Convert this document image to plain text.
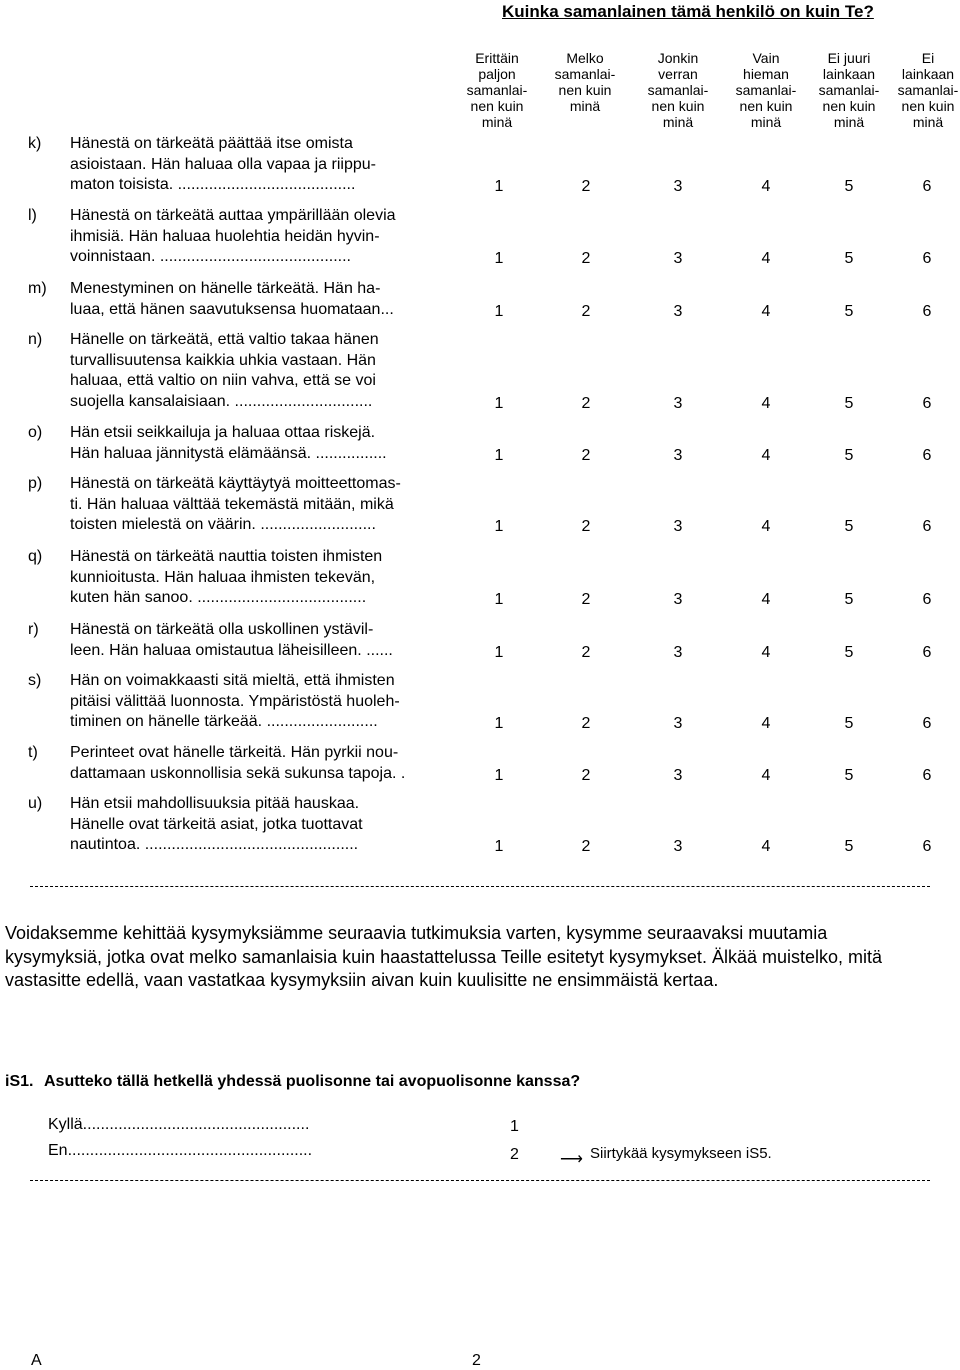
Kuinka samanlainen tämä henkilö on kuin Te?
Erittäin
paljon
samanlai-
nen kuin
minä
Melko
samanlai-
nen kuin
minä
Jonkin
verran
samanlai-
nen kuin
minä
Vain
hieman
samanlai-
nen kuin
minä
Ei juuri
lainkaan
samanlai-
nen kuin
minä
Ei
lainkaan
samanlai-
nen kuin
minä
k) Hänestä on tärkeätä päättää itse omista
asioistaan. Hän haluaa olla vapaa ja riippu-
maton toisista. ........................................	1	2	3	4	5	6
l) Hänestä on tärkeätä auttaa ympärillään olevia
ihmisiä. Hän haluaa huolehtia heidän hyvin-
voinnistaan. ...........................................	1	2	3	4	5	6
m) Menestyminen on hänelle tärkeätä. Hän ha-
luaa, että hänen saavutuksensa huomataan...	1	2	3	4	5	6
n) Hänelle on tärkeätä, että valtio takaa hänen
turvallisuutensa kaikkia uhkia vastaan. Hän
haluaa, että valtio on niin vahva, että se voi
suojella kansalaisiaan. ...............................	1	2	3	4	5	6
o) Hän etsii seikkailuja ja haluaa ottaa riskejä.
Hän haluaa jännitystä elämäänsä. ................	1	2	3	4	5	6
p) Hänestä on tärkeätä käyttäytyä moitteettomas-
ti. Hän haluaa välttää tekemästä mitään, mikä
toisten mielestä on väärin. ..........................	1	2	3	4	5	6
q) Hänestä on tärkeätä nauttia toisten ihmisten
kunnioitusta. Hän haluaa ihmisten tekevän,
kuten hän sanoo. ......................................	1	2	3	4	5	6
r) Hänestä on tärkeätä olla uskollinen ystävil-
leen. Hän haluaa omistautua läheisilleen. ......	1	2	3	4	5	6
s) Hän on voimakkaasti sitä mieltä, että ihmisten
pitäisi välittää luonnosta. Ympäristöstä huoleh-
timinen on hänelle tärkeää. .........................	1	2	3	4	5	6
t) Perinteet ovat hänelle tärkeitä. Hän pyrkii nou-
dattamaan uskonnollisia sekä sukunsa tapoja. .	1	2	3	4	5	6
u) Hän etsii mahdollisuuksia pitää hauskaa.
Hänelle ovat tärkeitä asiat, jotka tuottavat
nautintoa. ................................................	1	2	3	4	5	6
Voidaksemme kehittää kysymyksiämme seuraavia tutkimuksia varten, kysymme seuraavaksi muutamia kysymyksiä, jotka ovat melko samanlaisia kuin haastattelussa Teille esitetyt kysymykset. Älkää muistelko, mitä vastasitte edellä, vaan vastatkaa kysymyksiin aivan kuin kuulisitte ne ensimmäistä kertaa.
iS1. Asutteko tällä hetkellä yhdessä puolisonne tai avopuolisonne kanssa?
Kyllä...................................................	1
En.......................................................	2	⟶ Siirtykää kysymykseen iS5.
A	2
